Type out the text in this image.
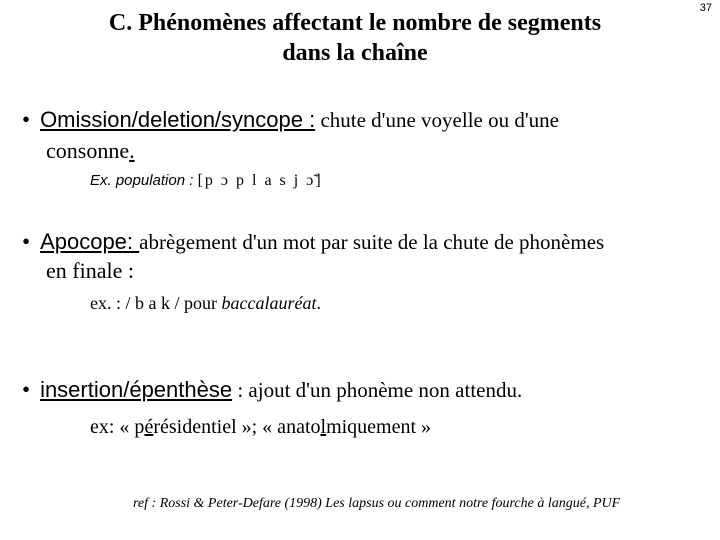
37
C. Phénomènes affectant le nombre de segments
dans la chaîne
• Omission/deletion/syncope : chute d'une voyelle ou d'une
consonne.
Ex. population : [p ɔ p l a s j ɔ̃]
• Apocope: abrègement d'un mot par suite de la chute de phonèmes
en finale :
ex. : / b a k / pour baccalauréat.
• insertion/épenthèse : ajout d'un phonème non attendu.
ex: « pérésidentiel »; « anatolmiquement »
ref : Rossi & Peter-Defare (1998) Les lapsus ou comment notre fourche à langué, PUF
